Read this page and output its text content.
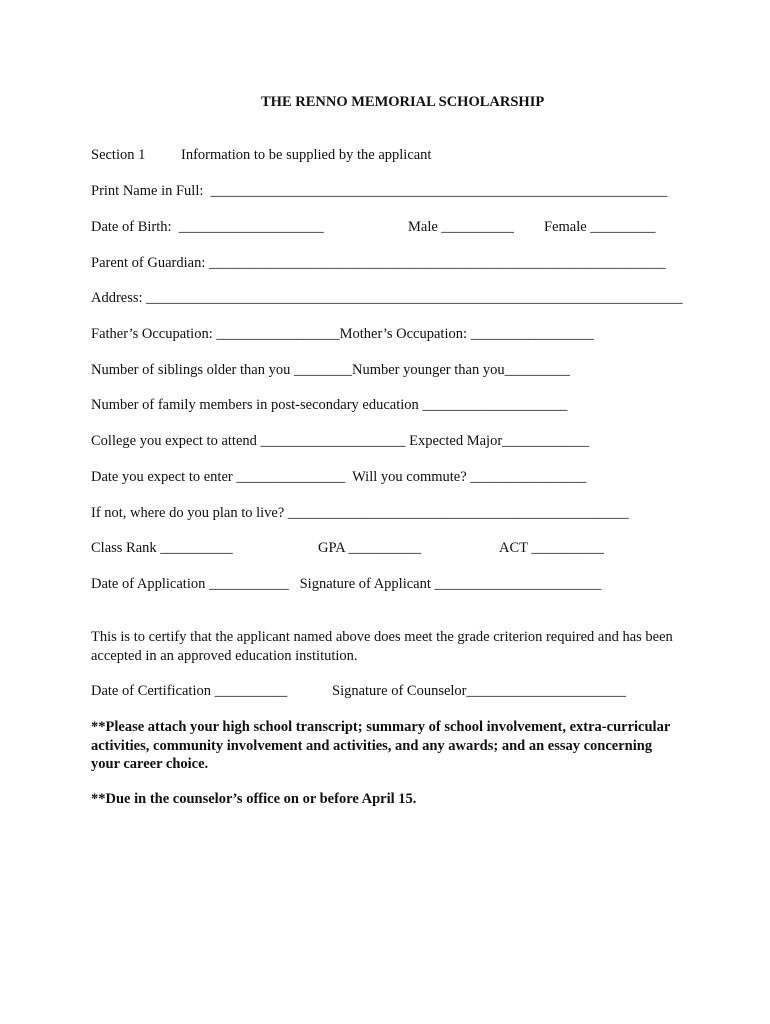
THE RENNO MEMORIAL SCHOLARSHIP
Section 1 Information to be supplied by the applicant
Print Name in Full:  _______________________________________________________________
Date of Birth:  ____________________	Male __________ Female _________
Parent of Guardian: _______________________________________________________________
Address: __________________________________________________________________________
Father’s Occupation: _________________Mother’s Occupation: _________________
Number of siblings older than you ________Number younger than you_________
Number of family members in post-secondary education ____________________
College you expect to attend ____________________ Expected Major____________
Date you expect to enter _______________  Will you commute? ________________
If not, where do you plan to live? _______________________________________________
Class Rank __________	GPA __________	ACT __________
Date of Application ___________   Signature of Applicant _______________________
This is to certify that the applicant named above does meet the grade criterion required and has been accepted in an approved education institution.
Date of Certification __________	Signature of Counselor______________________
**Please attach your high school transcript; summary of school involvement, extra-curricular activities, community involvement and activities, and any awards; and an essay concerning your career choice.
**Due in the counselor’s office on or before April 15.
